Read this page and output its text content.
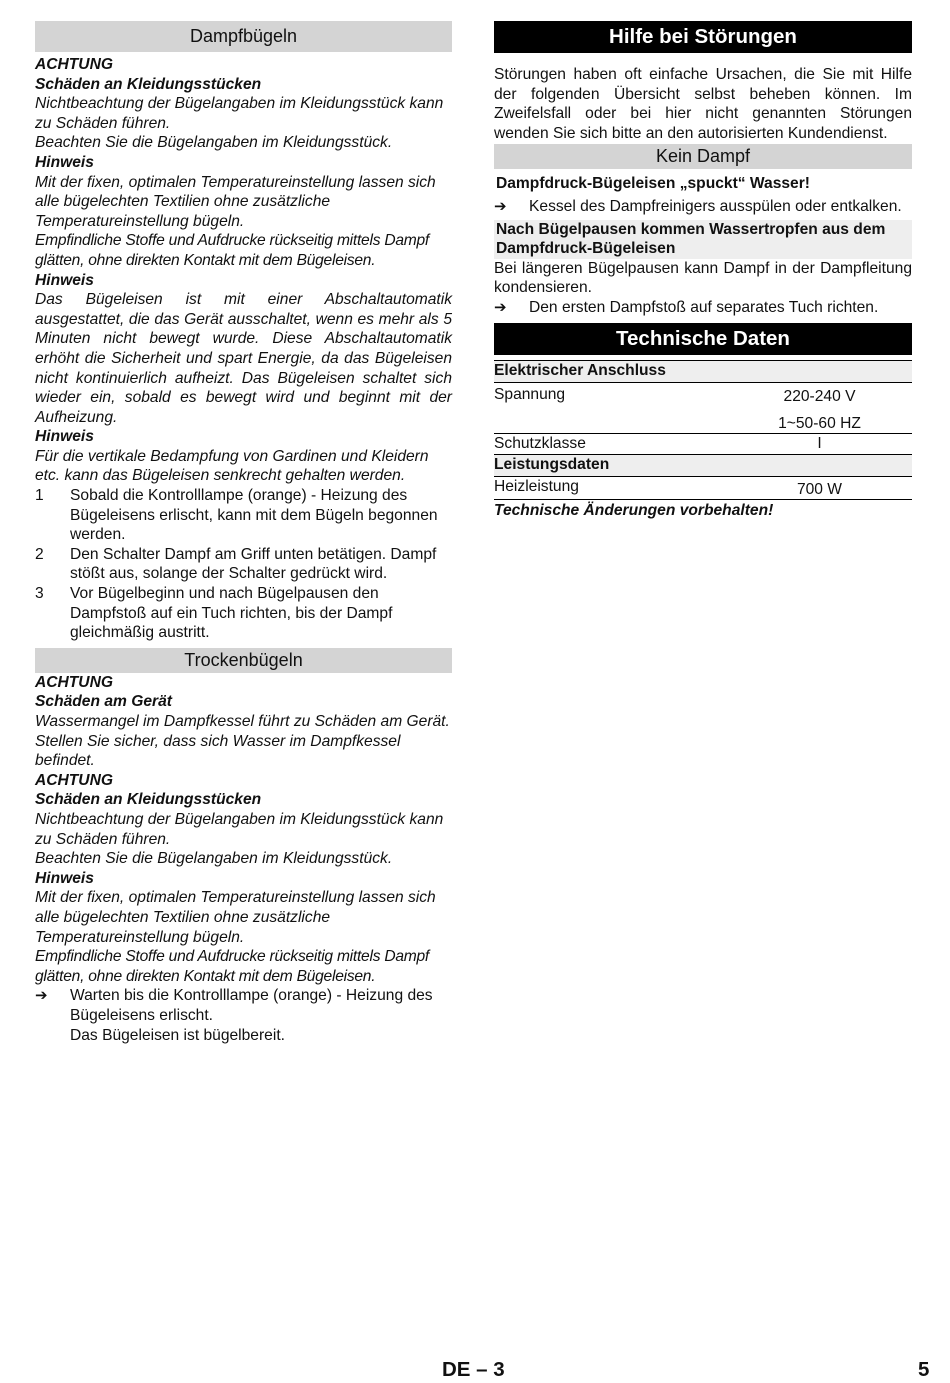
Dampfbügeln

ACHTUNG

Schäden an Kleidungsstücken

Nichtbeachtung der Bügelangaben im Kleidungsstück kann zu Schäden führen.

Beachten Sie die Bügelangaben im Kleidungsstück.

Hinweis

Mit der fixen, optimalen Temperatureinstellung lassen sich alle bügelechten Textilien ohne zusätzliche Temperatureinstellung bügeln.

Empfindliche Stoffe und Aufdrucke rückseitig mittels Dampf glätten, ohne direkten Kontakt mit dem Bügeleisen.

Hinweis

Das Bügeleisen ist mit einer Abschaltautomatik ausgestattet, die das Gerät ausschaltet, wenn es mehr als 5 Minuten nicht bewegt wurde. Diese Abschaltautomatik erhöht die Sicherheit und spart Energie, da das Bügeleisen nicht kontinuierlich aufheizt. Das Bügeleisen schaltet sich wieder ein, sobald es bewegt wird und beginnt mit der Aufheizung.

Hinweis

Für die vertikale Bedampfung von Gardinen und Kleidern etc. kann das Bügeleisen senkrecht gehalten werden.

1	Sobald die Kontrolllampe (orange) - Heizung des Bügeleisens erlischt, kann mit dem Bügeln begonnen werden.
2	Den Schalter Dampf am Griff unten betätigen. Dampf stößt aus, solange der Schalter gedrückt wird.
3	Vor Bügelbeginn und nach Bügelpausen den Dampfstoß auf ein Tuch richten, bis der Dampf gleichmäßig austritt.
Trockenbügeln

ACHTUNG

Schäden am Gerät

Wassermangel im Dampfkessel führt zu Schäden am Gerät.

Stellen Sie sicher, dass sich Wasser im Dampfkessel befindet.

ACHTUNG

Schäden an Kleidungsstücken

Nichtbeachtung der Bügelangaben im Kleidungsstück kann zu Schäden führen.

Beachten Sie die Bügelangaben im Kleidungsstück.

Hinweis

Mit der fixen, optimalen Temperatureinstellung lassen sich alle bügelechten Textilien ohne zusätzliche Temperatureinstellung bügeln.

Empfindliche Stoffe und Aufdrucke rückseitig mittels Dampf glätten, ohne direkten Kontakt mit dem Bügeleisen.

➔	Warten bis die Kontrolllampe (orange) - Heizung des Bügeleisens erlischt.
Das Bügeleisen ist bügelbereit.
Hilfe bei Störungen

Störungen haben oft einfache Ursachen, die Sie mit Hilfe der folgenden Übersicht selbst beheben können. Im Zweifelsfall oder bei hier nicht genannten Störungen wenden Sie sich bitte an den autorisierten Kundendienst.

Kein Dampf

Dampfdruck-Bügeleisen „spuckt“ Wasser!

➔	Kessel des Dampfreinigers ausspülen oder entkalken.

Nach Bügelpausen kommen Wassertropfen aus dem Dampfdruck-Bügeleisen

Bei längeren Bügelpausen kann Dampf in der Dampfleitung kondensieren.

➔	Den ersten Dampfstoß auf separates Tuch richten.
Technische Daten
Elektrischer Anschluss	
Spannung	220-240 V
1~50-60 HZ

Schutzklasse	I
Leistungsdaten	
Heizleistung	700 W

Technische Änderungen vorbehalten!

DE – 3	5
